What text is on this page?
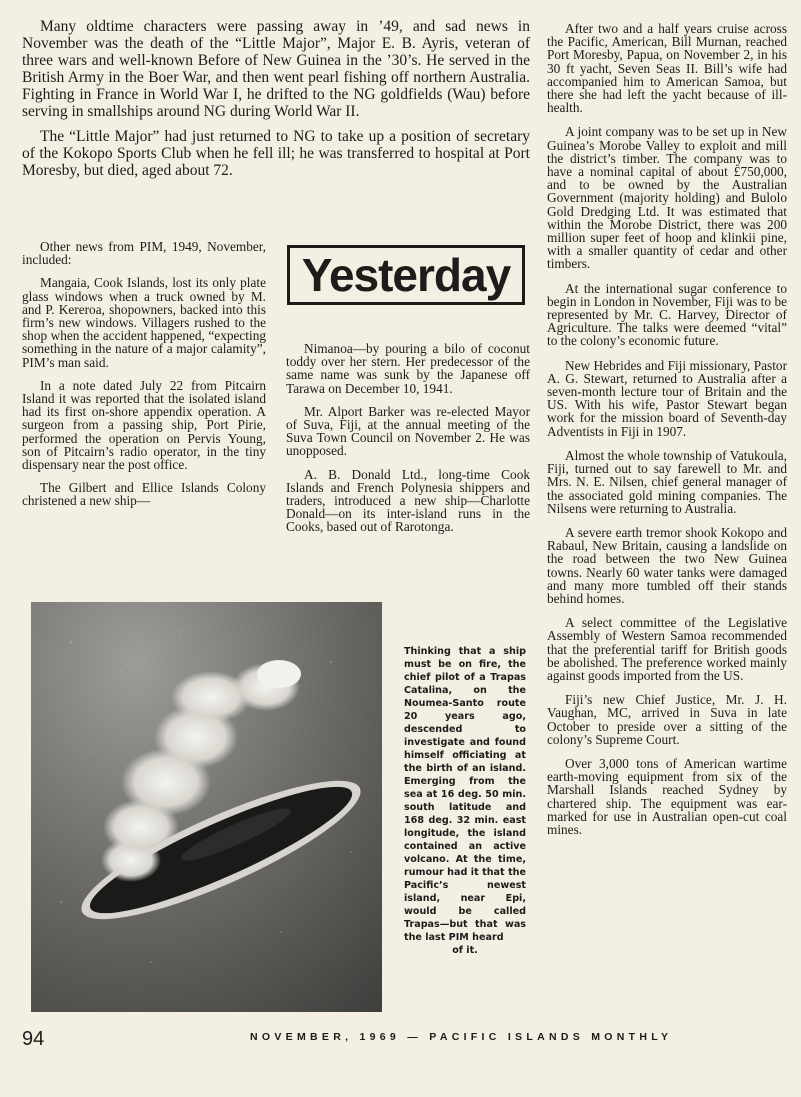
Many oldtime characters were passing away in ’49, and sad news in November was the death of the “Little Major”, Major E. B. Ayris, veteran of three wars and well-known Before of New Guinea in the ’30’s. He served in the British Army in the Boer War, and then went pearl fishing off northern Australia. Fighting in France in World War I, he drifted to the NG goldfields (Wau) before serving in smallships around NG during World War II.

The “Little Major” had just returned to NG to take up a position of secretary of the Kokopo Sports Club when he fell ill; he was transferred to hospital at Port Moresby, but died, aged about 72.

Yesterday

Other news from PIM, 1949, November, included:

Mangaia, Cook Islands, lost its only plate glass windows when a truck owned by M. and P. Kereroa, shopowners, backed into this firm’s new windows. Villagers rushed to the shop when the accident happened, “expecting something in the nature of a major calamity”, PIM’s man said.

In a note dated July 22 from Pitcairn Island it was reported that the isolated island had its first on-shore appendix operation. A surgeon from a passing ship, Port Pirie, performed the operation on Pervis Young, son of Pitcairn’s radio operator, in the tiny dispensary near the post office.

The Gilbert and Ellice Islands Colony christened a new ship—

Nimanoa—by pouring a bilo of coconut toddy over her stern. Her predecessor of the same name was sunk by the Japanese off Tarawa on December 10, 1941.

Mr. Alport Barker was re-elected Mayor of Suva, Fiji, at the annual meeting of the Suva Town Council on November 2. He was unopposed.

A. B. Donald Ltd., long-time Cook Islands and French Polynesia shippers and traders, introduced a new ship—Charlotte Donald—on its inter-island runs in the Cooks, based out of Rarotonga.

After two and a half years cruise across the Pacific, American, Bill Murnan, reached Port Moresby, Papua, on November 2, in his 30 ft yacht, Seven Seas II. Bill’s wife had accompanied him to American Samoa, but there she had left the yacht because of ill-health.

A joint company was to be set up in New Guinea’s Morobe Valley to exploit and mill the district’s timber. The company was to have a nominal capital of about £750,000, and to be owned by the Australian Government (majority holding) and Bulolo Gold Dredging Ltd. It was estimated that within the Morobe District, there was 200 million super feet of hoop and klinkii pine, with a smaller quantity of cedar and other timbers.

At the international sugar conference to begin in London in November, Fiji was to be represented by Mr. C. Harvey, Director of Agriculture. The talks were deemed “vital” to the colony’s economic future.

New Hebrides and Fiji missionary, Pastor A. G. Stewart, returned to Australia after a seven-month lecture tour of Britain and the US. With his wife, Pastor Stewart began work for the mission board of Seventh-day Adventists in Fiji in 1907.

Almost the whole township of Vatukoula, Fiji, turned out to say farewell to Mr. and Mrs. N. E. Nilsen, chief general manager of the associated gold mining companies. The Nilsens were returning to Australia.

A severe earth tremor shook Kokopo and Rabaul, New Britain, causing a landslide on the road between the two New Guinea towns. Nearly 60 water tanks were damaged and many more tumbled off their stands behind homes.

A select committee of the Legislative Assembly of Western Samoa recommended that the preferential tariff for British goods be abolished. The preference worked mainly against goods imported from the US.

Fiji’s new Chief Justice, Mr. J. H. Vaughan, MC, arrived in Suva in late October to preside over a sitting of the colony’s Supreme Court.

Over 3,000 tons of American wartime earth-moving equipment from six of the Marshall Islands reached Sydney by chartered ship. The equipment was ear-marked for use in Australian open-cut coal mines.

Thinking that a ship must be on fire, the chief pilot of a Trapas Catalina, on the Noumea-Santo route 20 years ago, descended to investigate and found himself officiating at the birth of an island. Emerging from the sea at 16 deg. 50 min. south latitude and 168 deg. 32 min. east longitude, the island contained an active volcano. At the time, rumour had it that the Pacific’s newest island, near Epi, would be called Trapas—but that was the last PIM heard
of it.
94	NOVEMBER, 1969 — PACIFIC ISLANDS MONTHLY
